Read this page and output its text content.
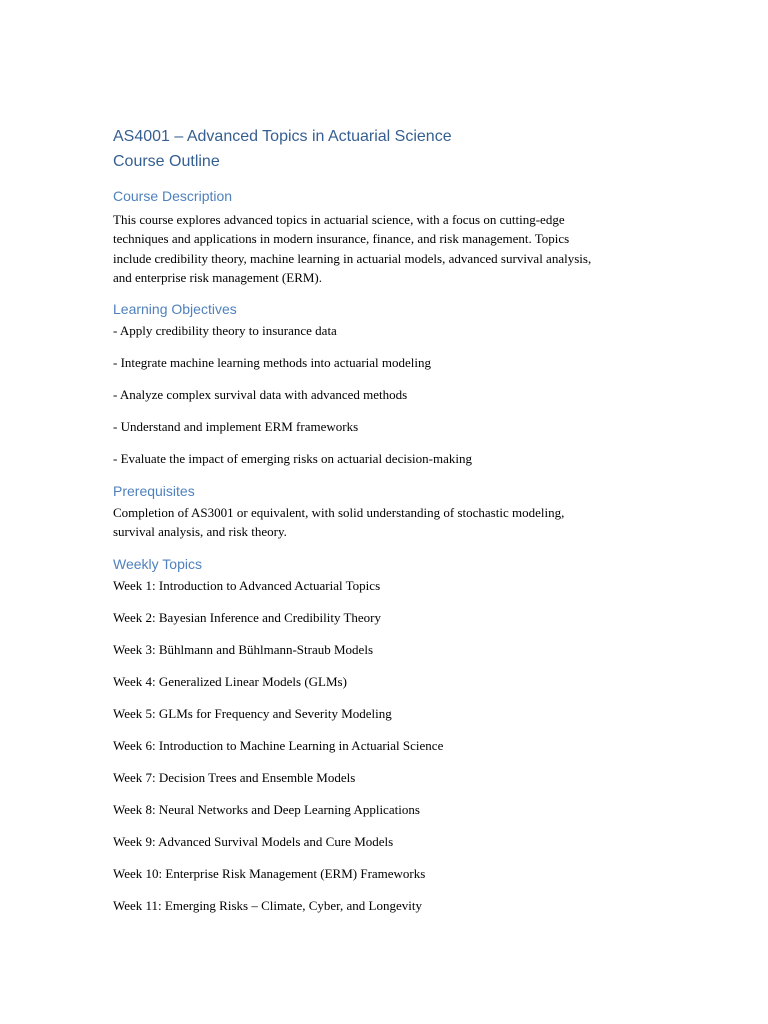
AS4001 – Advanced Topics in Actuarial Science
Course Outline
Course Description
This course explores advanced topics in actuarial science, with a focus on cutting-edge
techniques and applications in modern insurance, finance, and risk management. Topics
include credibility theory, machine learning in actuarial models, advanced survival analysis,
and enterprise risk management (ERM).
Learning Objectives
- Apply credibility theory to insurance data
- Integrate machine learning methods into actuarial modeling
- Analyze complex survival data with advanced methods
- Understand and implement ERM frameworks
- Evaluate the impact of emerging risks on actuarial decision-making
Prerequisites
Completion of AS3001 or equivalent, with solid understanding of stochastic modeling,
survival analysis, and risk theory.
Weekly Topics
Week 1: Introduction to Advanced Actuarial Topics
Week 2: Bayesian Inference and Credibility Theory
Week 3: Bühlmann and Bühlmann-Straub Models
Week 4: Generalized Linear Models (GLMs)
Week 5: GLMs for Frequency and Severity Modeling
Week 6: Introduction to Machine Learning in Actuarial Science
Week 7: Decision Trees and Ensemble Models
Week 8: Neural Networks and Deep Learning Applications
Week 9: Advanced Survival Models and Cure Models
Week 10: Enterprise Risk Management (ERM) Frameworks
Week 11: Emerging Risks – Climate, Cyber, and Longevity
